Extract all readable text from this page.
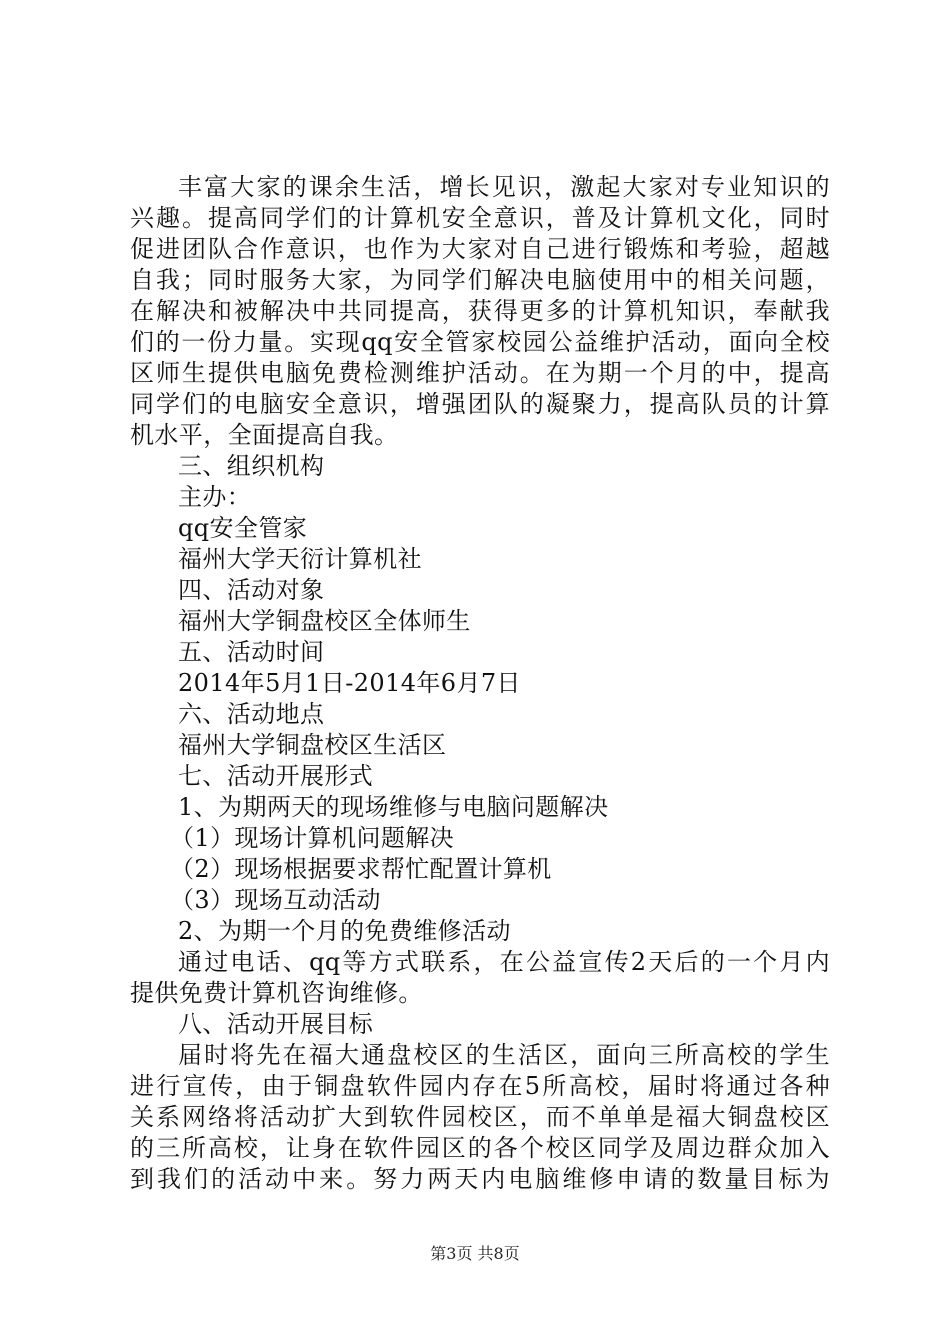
丰富大家的课余生活，增长见识，激起大家对专业知识的
兴趣。提高同学们的计算机安全意识，普及计算机文化，同时
促进团队合作意识，也作为大家对自己进行锻炼和考验，超越
自我；同时服务大家，为同学们解决电脑使用中的相关问题，
在解决和被解决中共同提高，获得更多的计算机知识，奉献我
们的一份力量。实现qq安全管家校园公益维护活动，面向全校
区师生提供电脑免费检测维护活动。在为期一个月的中，提高
同学们的电脑安全意识，增强团队的凝聚力，提高队员的计算
机水平，全面提高自我。
三、组织机构
主办：
qq安全管家
福州大学天衍计算机社
四、活动对象
福州大学铜盘校区全体师生
五、活动时间
2014年5月1日-2014年6月7日
六、活动地点
福州大学铜盘校区生活区
七、活动开展形式
1、为期两天的现场维修与电脑问题解决
（1）现场计算机问题解决
（2）现场根据要求帮忙配置计算机
（3）现场互动活动
2、为期一个月的免费维修活动
通过电话、qq等方式联系，在公益宣传2天后的一个月内
提供免费计算机咨询维修。
八、活动开展目标
届时将先在福大通盘校区的生活区，面向三所高校的学生
进行宣传，由于铜盘软件园内存在5所高校，届时将通过各种
关系网络将活动扩大到软件园校区，而不单单是福大铜盘校区
的三所高校，让身在软件园区的各个校区同学及周边群众加入
到我们的活动中来。努力两天内电脑维修申请的数量目标为
第3页 共8页
